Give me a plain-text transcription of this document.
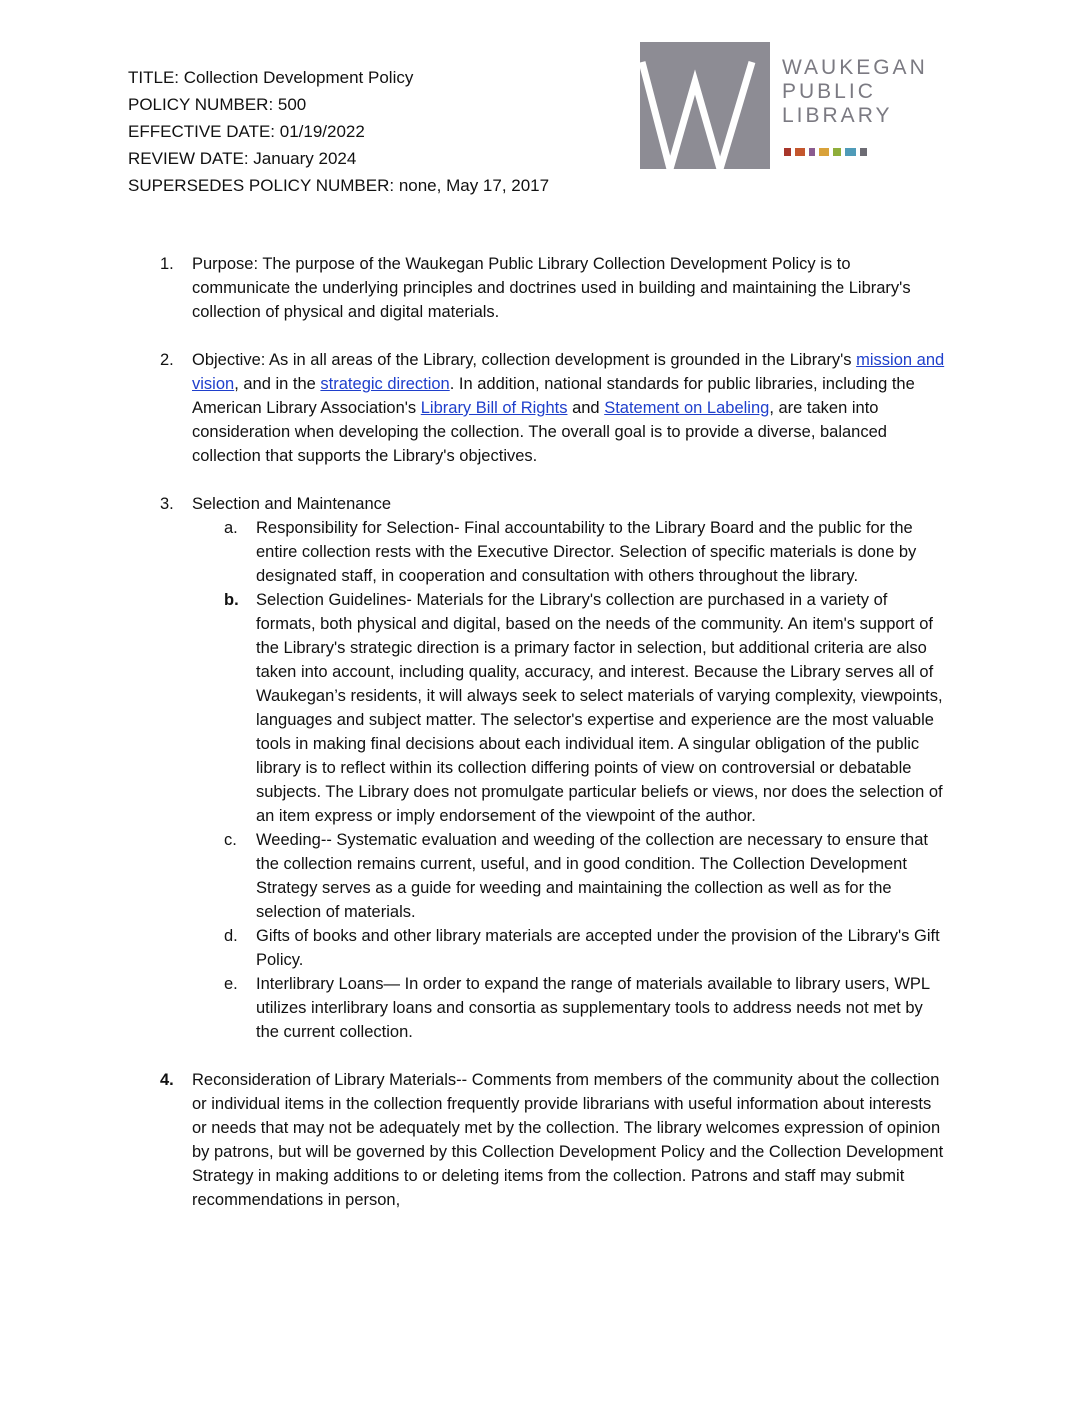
TITLE: Collection Development Policy
POLICY NUMBER: 500
EFFECTIVE DATE: 01/19/2022
REVIEW DATE: January 2024
SUPERSEDES POLICY NUMBER: none, May 17, 2017
WAUKEGAN
PUBLIC
LIBRARY
1. Purpose: The purpose of the Waukegan Public Library Collection Development Policy is to communicate the underlying principles and doctrines used in building and maintaining the Library's collection of physical and digital materials.
2. Objective: As in all areas of the Library, collection development is grounded in the Library's mission and vision, and in the strategic direction. In addition, national standards for public libraries, including the American Library Association's Library Bill of Rights and Statement on Labeling, are taken into consideration when developing the collection. The overall goal is to provide a diverse, balanced collection that supports the Library's objectives.
3. Selection and Maintenance
a. Responsibility for Selection- Final accountability to the Library Board and the public for the entire collection rests with the Executive Director. Selection of specific materials is done by designated staff, in cooperation and consultation with others throughout the library.
b. Selection Guidelines- Materials for the Library's collection are purchased in a variety of formats, both physical and digital, based on the needs of the community. An item's support of the Library's strategic direction is a primary factor in selection, but additional criteria are also taken into account, including quality, accuracy, and interest. Because the Library serves all of Waukegan’s residents, it will always seek to select materials of varying complexity, viewpoints, languages and subject matter. The selector's expertise and experience are the most valuable tools in making final decisions about each individual item. A singular obligation of the public library is to reflect within its collection differing points of view on controversial or debatable subjects. The Library does not promulgate particular beliefs or views, nor does the selection of an item express or imply endorsement of the viewpoint of the author.
c. Weeding-- Systematic evaluation and weeding of the collection are necessary to ensure that the collection remains current, useful, and in good condition. The Collection Development Strategy serves as a guide for weeding and maintaining the collection as well as for the selection of materials.
d. Gifts of books and other library materials are accepted under the provision of the Library's Gift Policy.
e. Interlibrary Loans— In order to expand the range of materials available to library users, WPL utilizes interlibrary loans and consortia as supplementary tools to address needs not met by the current collection.
4. Reconsideration of Library Materials-- Comments from members of the community about the collection or individual items in the collection frequently provide librarians with useful information about interests or needs that may not be adequately met by the collection. The library welcomes expression of opinion by patrons, but will be governed by this Collection Development Policy and the Collection Development Strategy in making additions to or deleting items from the collection. Patrons and staff may submit recommendations in person,
